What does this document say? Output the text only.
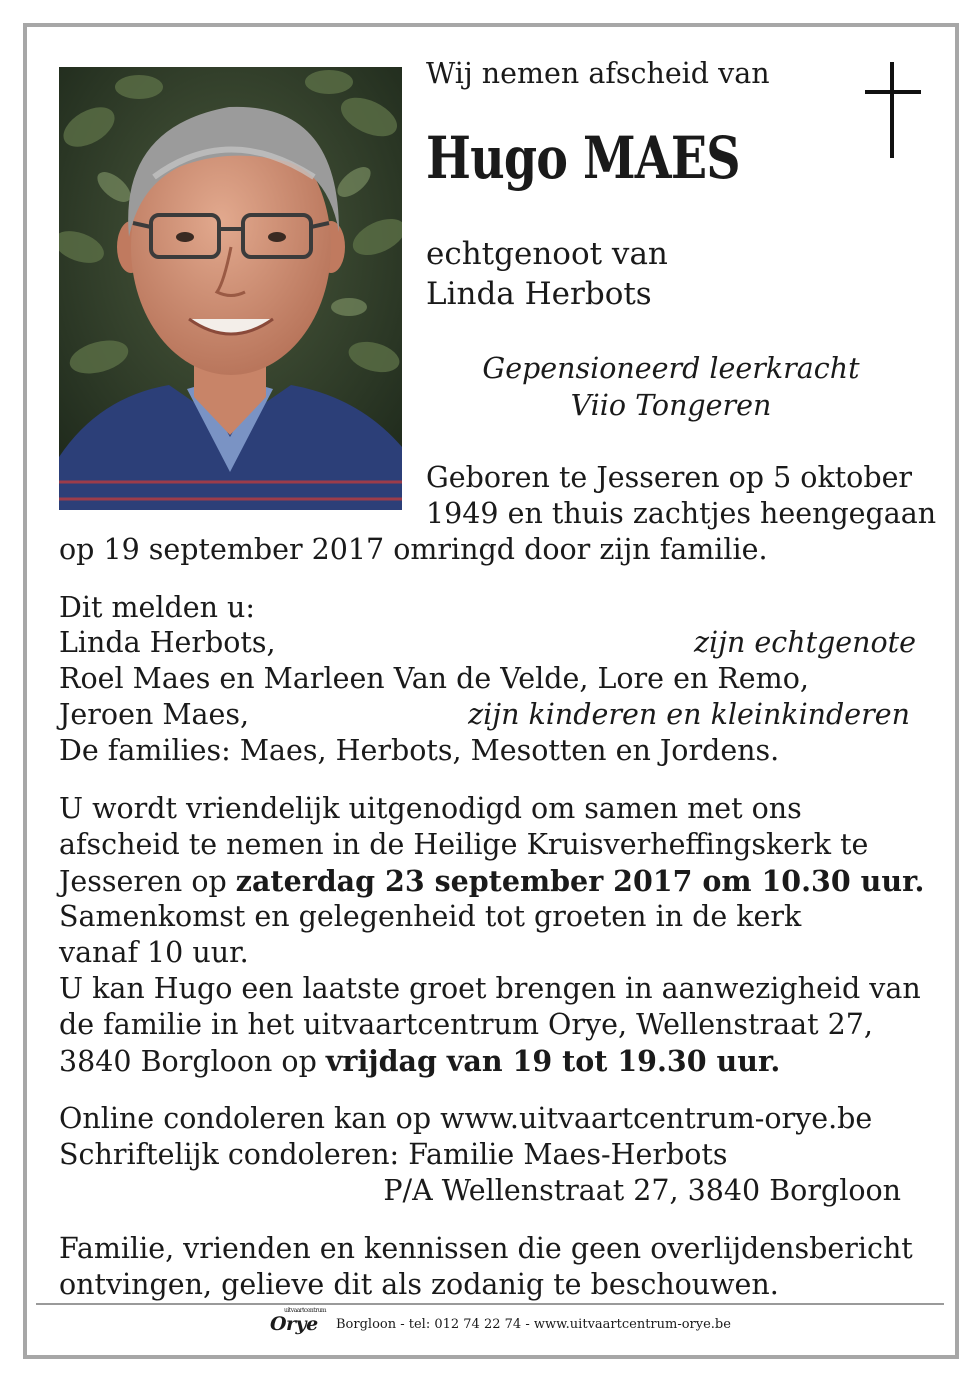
Wij nemen afscheid van
Hugo MAES
echtgenoot van
Linda Herbots
Gepensioneerd leerkracht
Viio Tongeren
Geboren te Jesseren op 5 oktober
1949 en thuis zachtjes heengegaan
op 19 september 2017 omringd door zijn familie.
Dit melden u:
Linda Herbots,	zijn echtgenote
Roel Maes en Marleen Van de Velde, Lore en Remo,
Jeroen Maes,	zijn kinderen en kleinkinderen
De families: Maes, Herbots, Mesotten en Jordens.
U wordt vriendelijk uitgenodigd om samen met ons
afscheid te nemen in de Heilige Kruisverheffingskerk te
Jesseren op zaterdag 23 september 2017 om 10.30 uur.
Samenkomst en gelegenheid tot groeten in de kerk
vanaf 10 uur.
U kan Hugo een laatste groet brengen in aanwezigheid van
de familie in het uitvaartcentrum Orye, Wellenstraat 27,
3840 Borgloon op vrijdag van 19 tot 19.30 uur.
Online condoleren kan op www.uitvaartcentrum-orye.be
Schriftelijk condoleren: Familie Maes-Herbots
P/A Wellenstraat 27, 3840 Borgloon
Familie, vrienden en kennissen die geen overlijdensbericht
ontvingen, gelieve dit als zodanig te beschouwen.
uitvaartcentrum
Orye Borgloon - tel: 012 74 22 74 - www.uitvaartcentrum-orye.be
